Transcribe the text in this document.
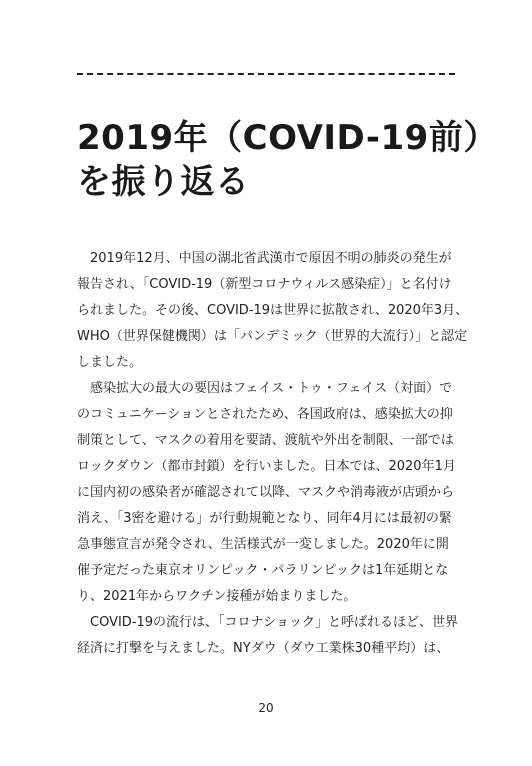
2019年（COVID-19前）
を振り返る
　2019年12月、中国の湖北省武漢市で原因不明の肺炎の発生が
報告され、「COVID-19（新型コロナウィルス感染症）」と名付け
られました。その後、COVID-19は世界に拡散され、2020年3月、
WHO（世界保健機関）は「パンデミック（世界的大流行）」と認定
しました。
　感染拡大の最大の要因はフェイス・トゥ・フェイス（対面）で
のコミュニケーションとされたため、各国政府は、感染拡大の抑
制策として、マスクの着用を要請、渡航や外出を制限、一部では
ロックダウン（都市封鎖）を行いました。日本では、2020年1月
に国内初の感染者が確認されて以降、マスクや消毒液が店頭から
消え、「3密を避ける」が行動規範となり、同年4月には最初の緊
急事態宣言が発令され、生活様式が一変しました。2020年に開
催予定だった東京オリンピック・パラリンピックは1年延期とな
り、2021年からワクチン接種が始まりました。
　COVID-19の流行は、「コロナショック」と呼ばれるほど、世界
経済に打撃を与えました。NYダウ（ダウ工業株30種平均）は、
20
